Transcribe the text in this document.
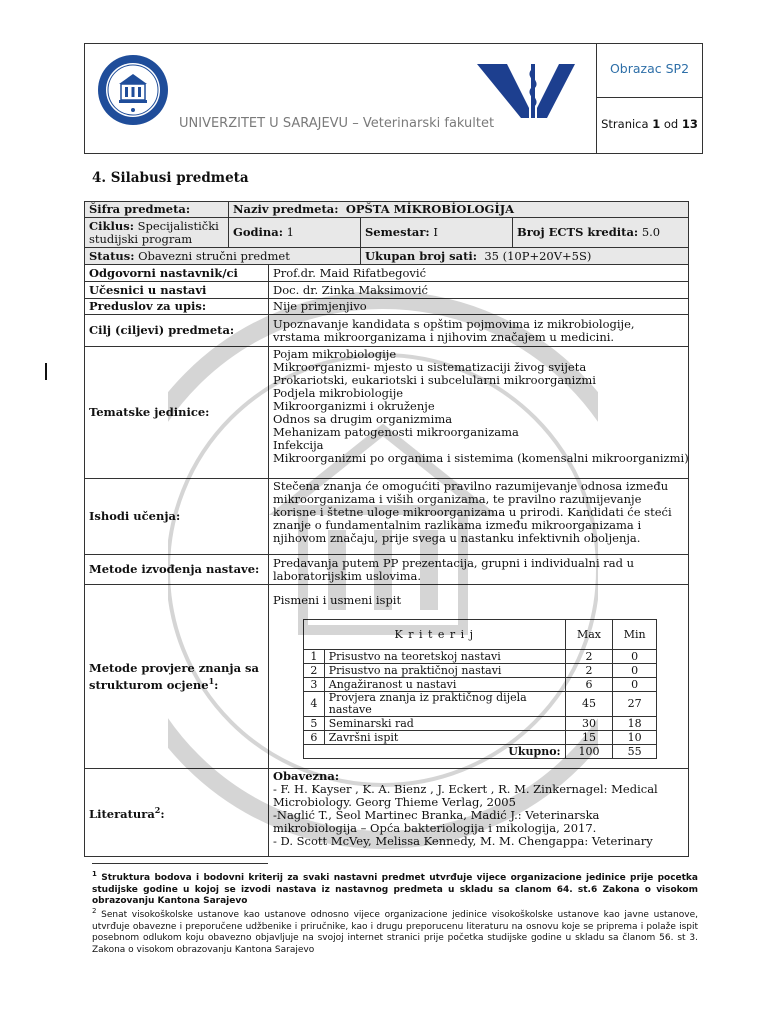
UNIVERZITET U SARAJEVU – Veterinarski fakultet
Obrazac SP2
Stranica 1 od 13
4. Silabusi predmeta
Šifra predmeta:	Naziv predmeta: OPŠTA MİKROBİOLOGİJA
Ciklus: Specijalistički studijski program	Godina: 1	Semestar: I	Broj ECTS kredita: 5.0
Status: Obavezni stručni predmet	Ukupan broj sati: 35 (10P+20V+5S)
Odgovorni nastavnik/ci	Prof.dr. Maid Rifatbegović
Učesnici u nastavi	Doc. dr. Zinka Maksimović
Preduslov za upis:	Nije primjenjivo
Cilj (ciljevi) predmeta:	Upoznavanje kandidata s opštim pojmovima iz mikrobiologije, vrstama mikroorganizama i njihovim značajem u medicini.
Tematske jedinice:	
Pojam mikrobiologije
Mikroorganizmi- mjesto u sistematizaciji živog svijeta
Prokariotski, eukariotski i subcelularni mikroorganizmi
Podjela mikrobiologije
Mikroorganizmi i okruženje
Odnos sa drugim organizmima
Mehanizam patogenosti mikroorganizama
Infekcija
Mikroorganizmi po organima i sistemima (komensalni mikroorganizmi)

Ishodi učenja:	Stečena znanja će omogućiti pravilno razumijevanje odnosa između mikroorganizama i viših organizama, te pravilno razumijevanje korisne i štetne uloge mikroorganizama u prirodi. Kandidati će steći znanje o fundamentalnim razlikama između mikroorganizama i njihovom značaju, prije svega u nastanku infektivnih oboljenja.
Metode izvođenja nastave:	Predavanja putem PP prezentacija, grupni i individualni rad u laboratorijskim uslovima.
Metode provjere znanja sa strukturom ocjene$^1$:	
Pismeni i usmeni ispit
K r i t e r i j	Max	Min
1	Prisustvo na teoretskoj nastavi	2	0
2	Prisustvo na praktičnoj nastavi	2	0
3	Angažiranost u nastavi	6	0
4	Provjera znanja iz praktičnog dijela nastave	45	27
5	Seminarski rad	30	18
6	Završni ispit	15	10
Ukupno:	100	55

Literatura$^2$:	
Obavezna:
- F. H. Kayser , K. A. Bienz , J. Eckert , R. M. Zinkernagel: Medical Microbiology. Georg Thieme Verlag, 2005
-Naglić T., Šeol Martinec Branka, Madić J.: Veterinarska mikrobiologija – Opća bakteriologija i mikologija, 2017.
- D. Scott McVey, Melissa Kennedy, M. M. Chengappa: Veterinary
$^1$ Struktura bodova i bodovni kriterij za svaki nastavni predmet utvrđuje vijece organizacione jedinice prije pocetka studijske godine u kojoj se izvodi nastava iz nastavnog predmeta u skladu sa clanom 64. st.6 Zakona o visokom obrazovanju Kantona Sarajevo
$^2$ Senat visokoškolske ustanove kao ustanove odnosno vijece organizacione jedinice visokoškolske ustanove kao javne ustanove, utvrđuje obavezne i preporučene udžbenike i priručnike, kao i drugu preporucenu literaturu na osnovu koje se priprema i polaže ispit posebnom odlukom koju obavezno objavljuje na svojoj internet stranici prije početka studijske godine u skladu sa članom 56. st 3. Zakona o visokom obrazovanju Kantona Sarajevo
